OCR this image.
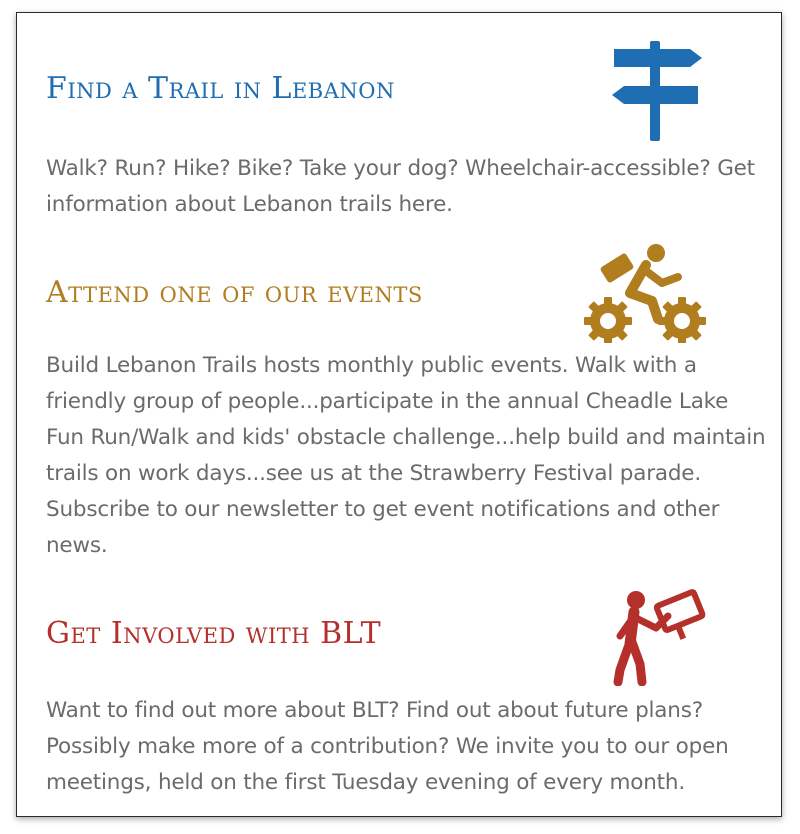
Find a Trail in Lebanon

Walk? Run? Hike? Bike? Take your dog? Wheelchair-accessible? Get information about Lebanon trails here.

Attend one of our events

Build Lebanon Trails hosts monthly public events. Walk with a friendly group of people...participate in the annual Cheadle Lake Fun Run/Walk and kids' obstacle challenge...help build and maintain trails on work days...see us at the Strawberry Festival parade. Subscribe to our newsletter to get event notifications and other news.

Get Involved with BLT

Want to find out more about BLT? Find out about future plans? Possibly make more of a contribution? We invite you to our open meetings, held on the first Tuesday evening of every month.
